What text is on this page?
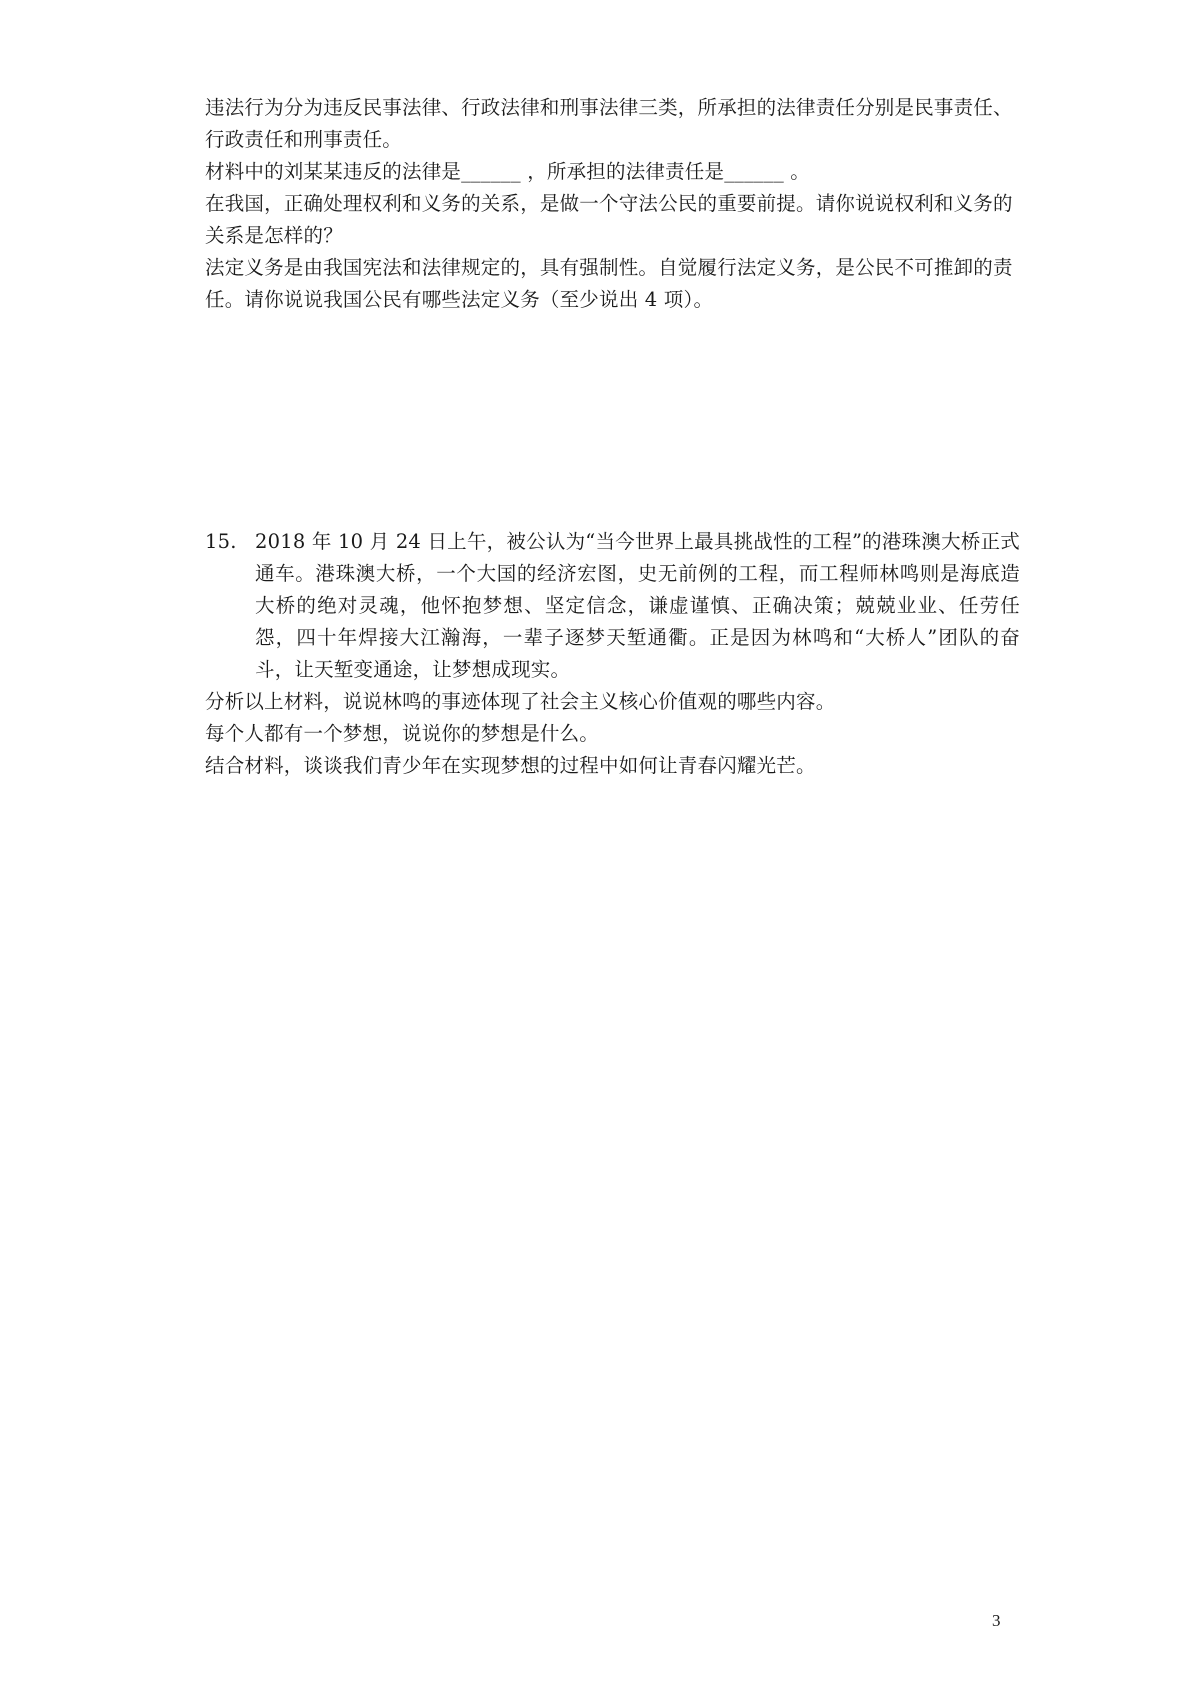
违法行为分为违反民事法律、行政法律和刑事法律三类，所承担的法律责任分别是民事责任、行政责任和刑事责任。

材料中的刘某某违反的法律是______ ，所承担的法律责任是______ 。

在我国，正确处理权利和义务的关系，是做一个守法公民的重要前提。请你说说权利和义务的关系是怎样的？

法定义务是由我国宪法和法律规定的，具有强制性。自觉履行法定义务，是公民不可推卸的责任。请你说说我国公民有哪些法定义务（至少说出 4 项）。

15. 2018 年 10 月 24 日上午，被公认为“当今世界上最具挑战性的工程”的港珠澳大桥正式通车。港珠澳大桥，一个大国的经济宏图，史无前例的工程，而工程师林鸣则是海底造大桥的绝对灵魂，他怀抱梦想、坚定信念，谦虚谨慎、正确决策；兢兢业业、任劳任怨，四十年焊接大江瀚海，一辈子逐梦天堑通衢。正是因为林鸣和“大桥人”团队的奋斗，让天堑变通途，让梦想成现实。

分析以上材料，说说林鸣的事迹体现了社会主义核心价值观的哪些内容。

每个人都有一个梦想，说说你的梦想是什么。

结合材料，谈谈我们青少年在实现梦想的过程中如何让青春闪耀光芒。

3
